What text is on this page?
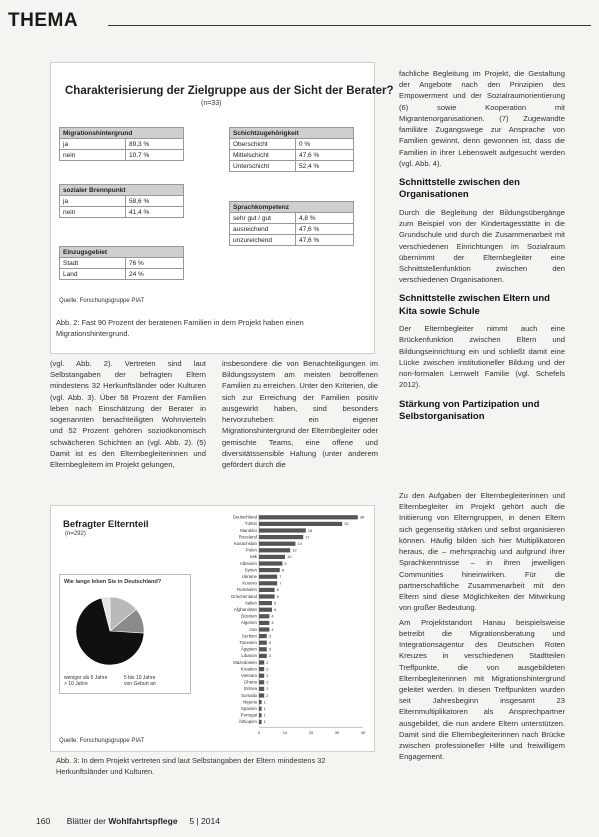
THEMA
Charakterisierung der Zielgruppe aus der Sicht der Berater?
(n=33)
Migrationshintergrund	
ja	89,3 %
nein	10,7 %
sozialer Brennpunkt	
ja	58,6 %
nein	41,4 %
Einzugsgebiet	
Stadt	76 %
Land	24 %
Schichtzugehörigkeit	
Oberschicht	0 %
Mittelschicht	47,6 %
Unterschicht	52,4 %
Sprachkompetenz	
sehr gut / gut	4,8 %
ausreichend	47,6 %
unzureichend	47,6 %
Quelle: Forschungsgruppe PIAT
Abb. 2: Fast 90 Prozent der beratenen Familien in dem Projekt haben einen Migrationshintergrund.

fachliche Begleitung im Projekt, die Gestaltung der Angebote nach den Prinzipien des Empowerment und der Sozialraumorientierung (6) sowie Kooperation mit Migrantenorganisationen. (7) Zugewandte familiäre Zugangswege zur Ansprache von Familien gewinnt, denn gewonnen ist, dass die Familien in ihrer Lebenswelt aufgesucht werden (vgl. Abb. 4).

Schnittstelle zwischen den Organisationen

Durch die Begleitung der Bildungsübergänge zum Beispiel von der Kindertagesstätte in die Grundschule und durch die Zusammenarbeit mit verschiedenen Einrichtungen im Sozialraum übernimmt der Elternbegleiter eine Schnittstellenfunktion zwischen den verschiedenen Organisationen.

Schnittstelle zwischen Eltern und Kita sowie Schule

Der Elternbegleiter nimmt auch eine Brückenfunktion zwischen Eltern und Bildungseinrichtung ein und schließt damit eine Lücke zwischen institutioneller Bildung und der non-formalen Lernwelt Familie (vgl. Schefels 2012).

Stärkung von Partizipation und Selbstorganisation

(vgl. Abb. 2). Vertreten sind laut Selbstangaben der befragten Eltern mindestens 32 Herkunftsländer oder Kulturen (vgl. Abb. 3). Über 58 Prozent der Familien leben nach Einschätzung der Berater in sogenannten benachteiligten Wohnvierteln und 52 Prozent gehören sozioökonomisch schwächeren Schichten an (vgl. Abb. 2). (5) Damit ist es den Elternbegleiterinnen und Elternbegleitern im Projekt gelungen,

insbesondere die von Benachteiligungen im Bildungssystem am meisten betroffenen Familien zu erreichen. Unter den Kriterien, die sich zur Erreichung der Familien positiv ausgewirkt haben, sind besonders hervorzuheben: ein eigener Migrationshintergrund der Elternbegleiter oder gemischte Teams, eine offene und diversitätssensible Haltung (unter anderem gefördert durch die

Zu den Aufgaben der Elternbegleiterinnen und Elternbegleiter im Projekt gehört auch die Initiierung von Elterngruppen, in denen Eltern sich gegenseitig stärken und selbst organisieren können. Häufig bilden sich hier Multiplikatoren heraus, die – mehrsprachig und aufgrund ihrer Sprachkenntnisse – in ihren jeweiligen Communities hineinwirken. Für die partnerschaftliche Zusammenarbeit mit den Eltern sind diese Möglichkeiten der Mitwirkung von großer Bedeutung.

Am Projektstandort Hanau beispielsweise betreibt die Migrationsberatung und Integrationsagentur des Deutschen Roten Kreuzes in verschiedenen Stadtteilen Treffpunkte, die von ausgebildeten Elternbegleiterinnen mit Migrationshintergrund geleitet werden. In diesen Treffpunkten wurden seit Jahresbeginn insgesamt 23 Elternmultiplikatoren als Ansprechpartner ausgebildet, die nun andere Eltern unterstützen. Damit sind die Elternbegleiterinnen nach Brücke zwischen professioneller Hilfe und freiwilligem Engagement.

Befragter Elternteil
(n=292)
Wie lange leben Sie in Deutschland?
weniger als 5 Jahre	5 bis 10 Jahre> 10 Jahre	von Geburt an
Deutschland	38
Türkei	32
Marokko	18
Russland	17
Kasachstan	14
Polen	12
Irak	10
Albanien	9
Syrien	8
Ukraine	7
Kosovo	7
Rumänien	6
Griechenland	6
Italien	5
Afghanistan	5
Bosnien	4
Algerien	4
Iran	4
Serbien	3
Tunesien	3
Ägypten	3
Libanon	3
Mazedonien 2
Kroatien 2
Vietnam 2
Ghana 2
Eritrea 2
Somalia 2
Nigeria 1
Spanien 1
Portugal 1
Äthiopien 1
0	10	20	30	40
Quelle: Forschungsgruppe PIAT
Abb. 3: In dem Projekt vertreten sind laut Selbstangaben der Eltern mindestens 32 Herkunftsländer und Kulturen.
160 Blätter der Wohlfahrtspflege 5 | 2014
